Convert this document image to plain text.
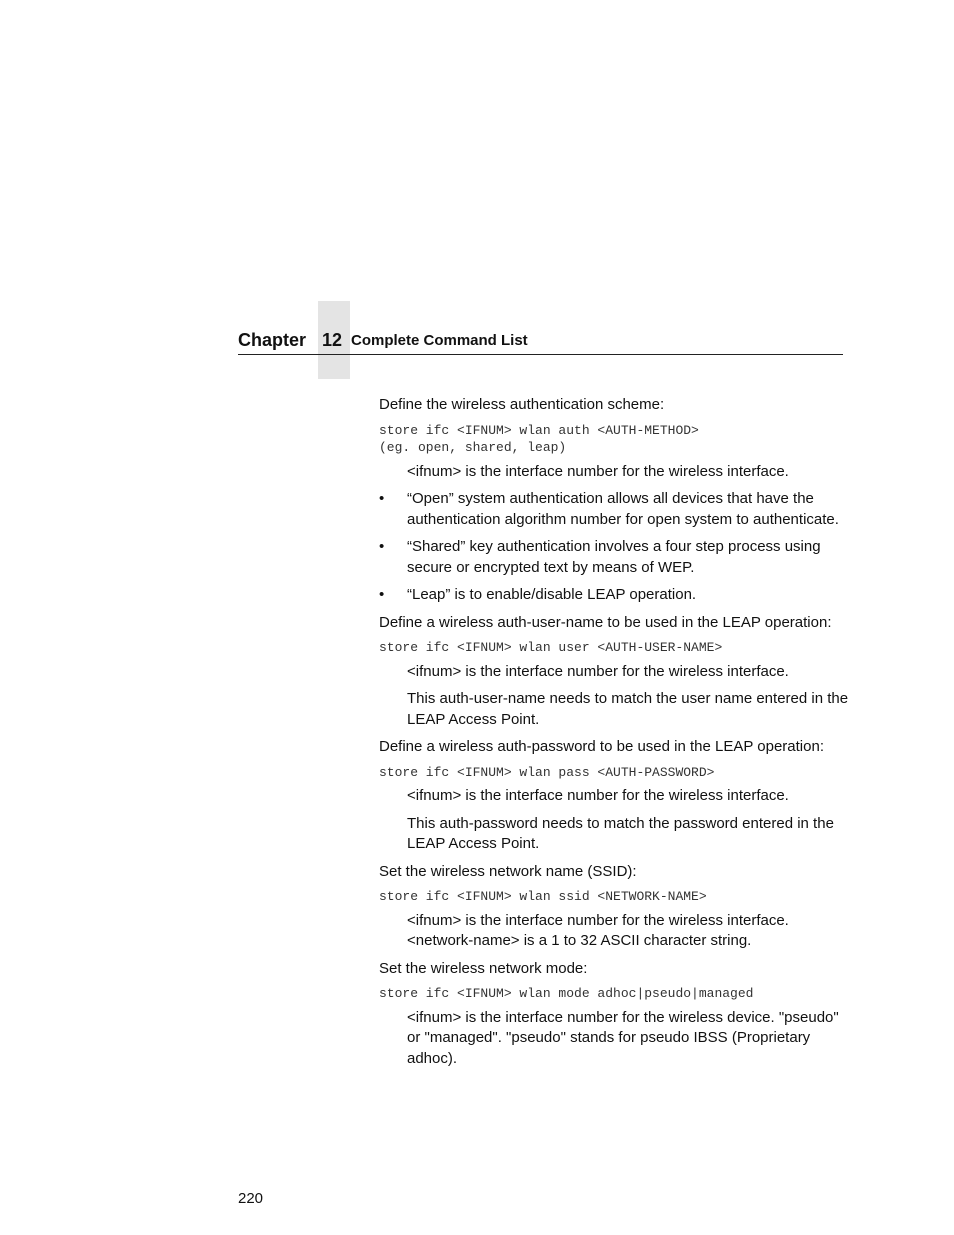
Chapter 12 Complete Command List

Define the wireless authentication scheme:

store ifc <IFNUM> wlan auth <AUTH-METHOD>
(eg. open, shared, leap)

<ifnum> is the interface number for the wireless interface.

•	“Open” system authentication allows all devices that have the authentication algorithm number for open system to authenticate.
•	“Shared” key authentication involves a four step process using secure or encrypted text by means of WEP.
•	“Leap” is to enable/disable LEAP operation.

Define a wireless auth-user-name to be used in the LEAP operation:

store ifc <IFNUM> wlan user <AUTH-USER-NAME>

<ifnum> is the interface number for the wireless interface.

This auth-user-name needs to match the user name entered in the LEAP Access Point.

Define a wireless auth-password to be used in the LEAP operation:

store ifc <IFNUM> wlan pass <AUTH-PASSWORD>

<ifnum> is the interface number for the wireless interface.

This auth-password needs to match the password entered in the LEAP Access Point.

Set the wireless network name (SSID):

store ifc <IFNUM> wlan ssid <NETWORK-NAME>
<ifnum> is the interface number for the wireless interface.
<network-name> is a 1 to 32 ASCII character string.

Set the wireless network mode:

store ifc <IFNUM> wlan mode adhoc|pseudo|managed

<ifnum> is the interface number for the wireless device. "pseudo" or "managed". "pseudo" stands for pseudo IBSS (Proprietary adhoc).

220
